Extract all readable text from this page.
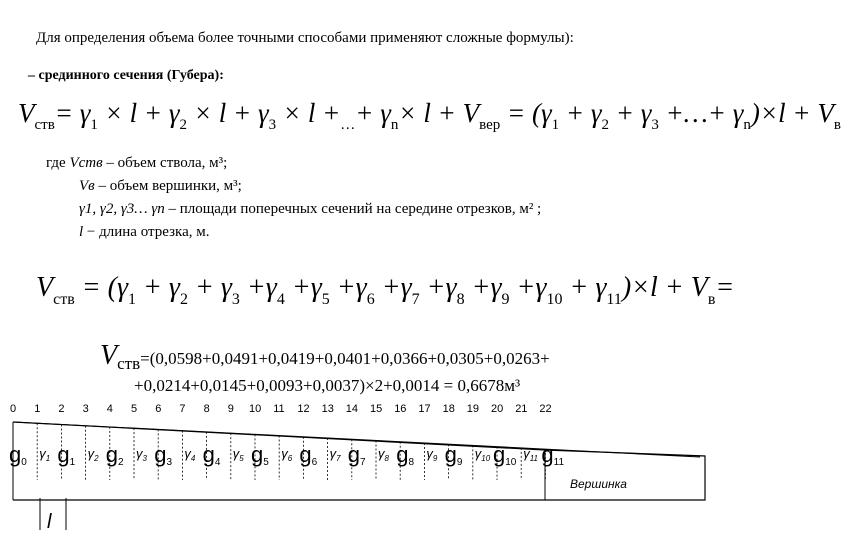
Для определения объема более точными способами применяют сложные формулы):
– срединного сечения (Губера):
$V_{ств}= \gamma_1 \times l + \gamma_2 \times l + \gamma_3 \times l +_\dots+ \gamma_n\times l + V_{вер} = (\gamma_1 + \gamma_2 + \gamma_3$ +…+ $\gamma_n)\times l + V_в$
где Vств – объем ствола, м³;
Vв – объем вершинки, м³;
γ1, γ2, γ3… γn – площади поперечных сечений на середине отрезков, м² ;
l − длина отрезка, м.
$V_{ств} = (\gamma_1 + \gamma_2 + \gamma_3 +\gamma_4 +\gamma_5 +\gamma_6 +\gamma_7 +\gamma_8 +\gamma_9 +\gamma_{10} + \gamma_{11})\times l + V_в=$
Vств=(0,0598+0,0491+0,0419+0,0401+0,0366+0,0305+0,0263+
+0,0214+0,0145+0,0093+0,0037)×2+0,0014 = 0,6678м³
0 1 2 3 4 5 6 7 8 9 10 11 12 13 14 15 16 17 18 19 20 21 22
g0 g1 g2 g3 g4 g5 g6 g7 g8 g9 g10 g11
$\gamma_1$	$\gamma_2$	$\gamma_3$	$\gamma_4$	$\gamma_5$	$\gamma_6$	$\gamma_7$	$\gamma_8$	$\gamma_9$	$\gamma_{10}$	$\gamma_{11}$
Вершинка
l
